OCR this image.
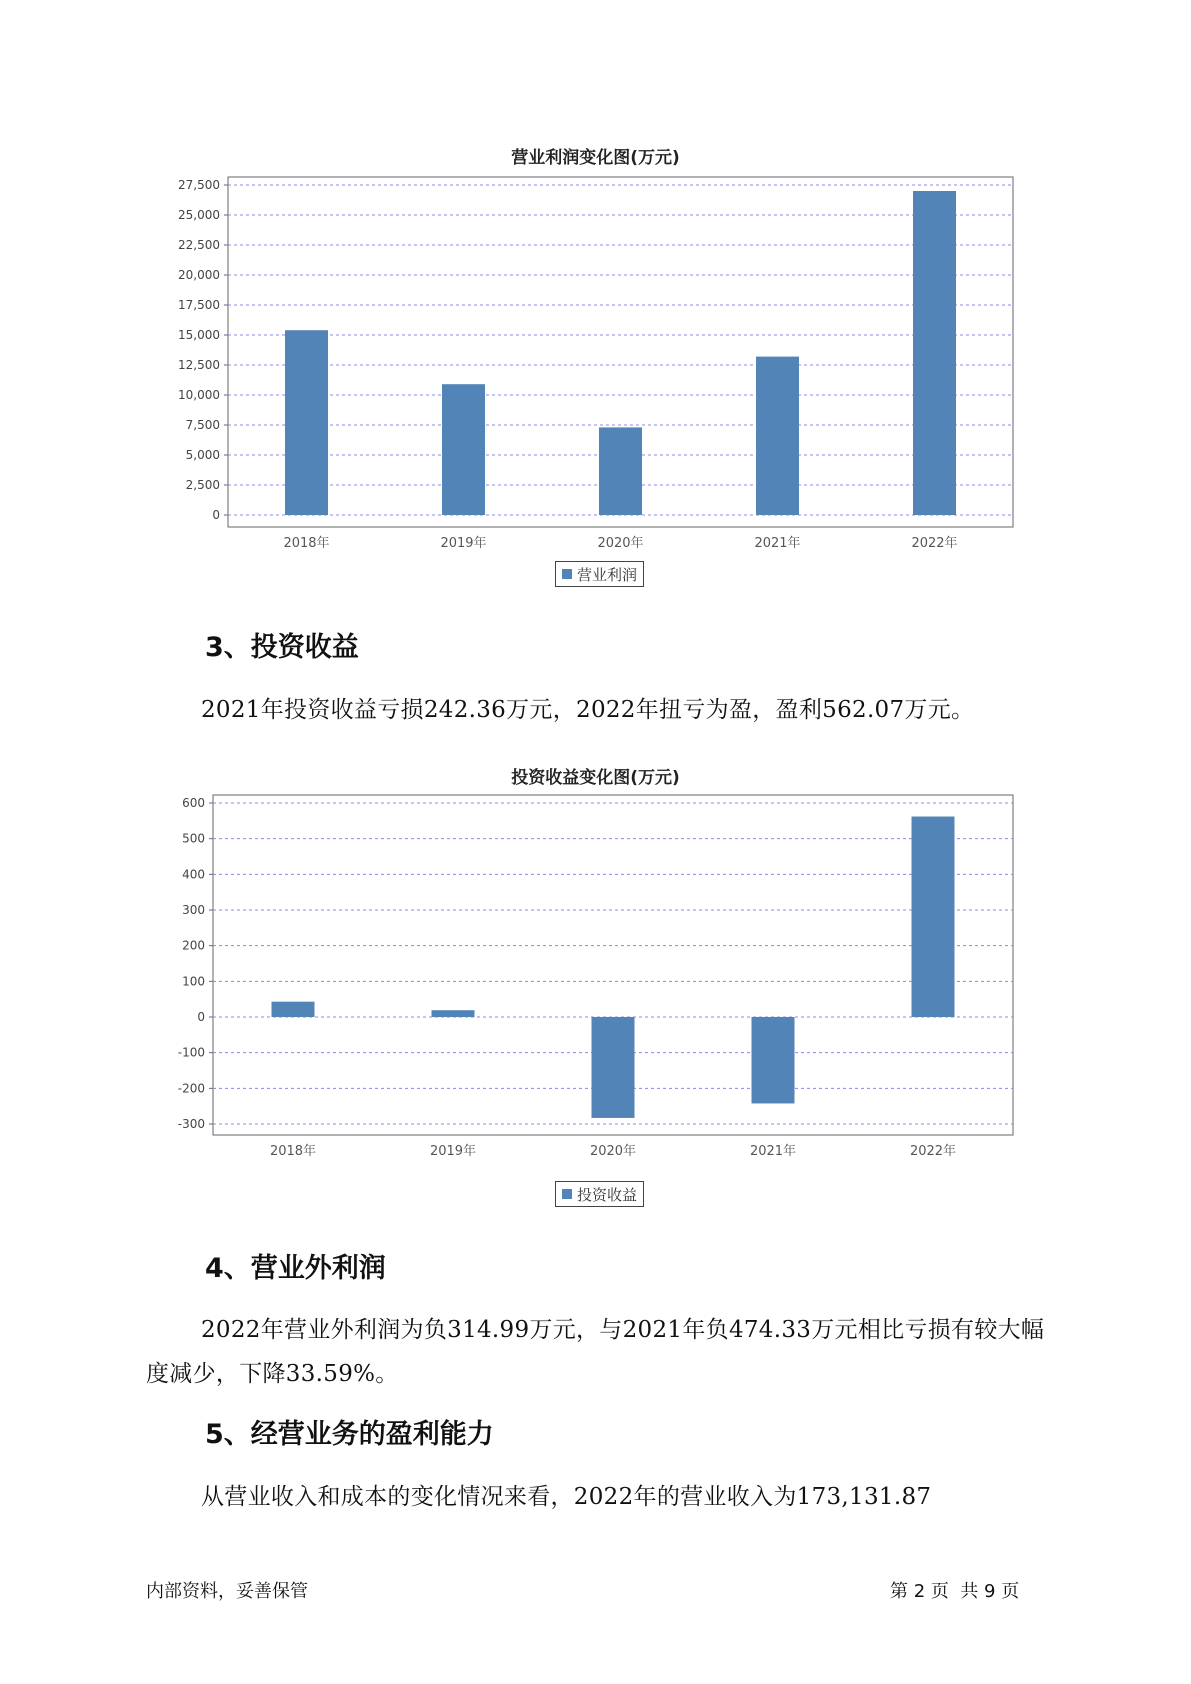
营业利润变化图(万元)
0
2,500
5,000
7,500
10,000
12,500
15,000
17,500
20,000
22,500
25,000
27,500
2018年	2019年	2020年	2021年	2022年
营业利润
3、投资收益

2021年投资收益亏损242.36万元，2022年扭亏为盈，盈利562.07万元。

投资收益变化图(万元)
-300
-200
-100
0
100
200
300
400
500
600
2018年	2019年	2020年	2021年	2022年
投资收益
4、营业外利润

2022年营业外利润为负314.99万元，与2021年负474.33万元相比亏损有较大幅度减少，下降33.59%。

5、经营业务的盈利能力

从营业收入和成本的变化情况来看，2022年的营业收入为173,131.87

内部资料，妥善保管	第 2 页  共 9 页
